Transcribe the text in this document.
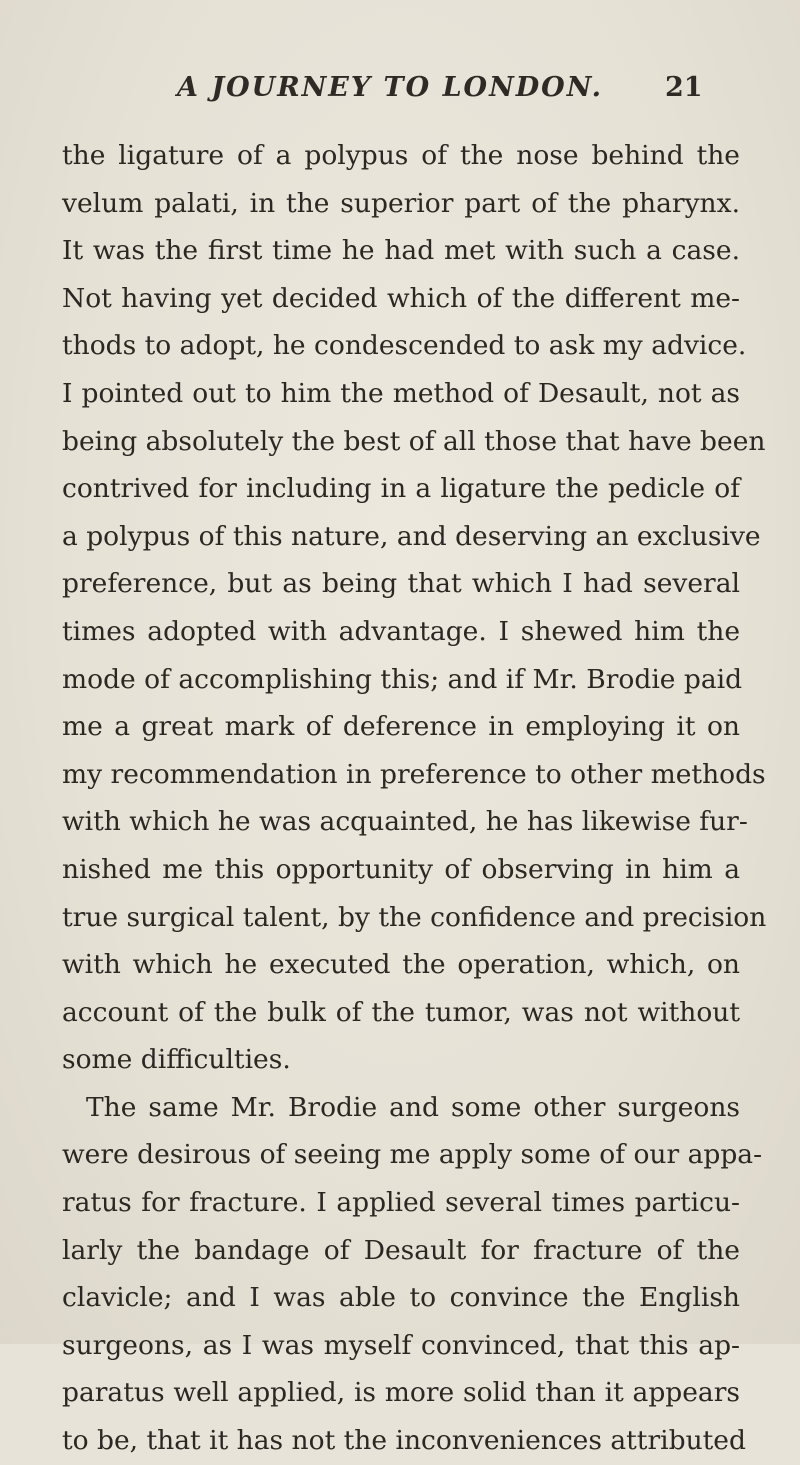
A JOURNEY TO LONDON. 21
the ligature of a polypus of the nose behind the
velum palati, in the superior part of the pharynx.
It was the first time he had met with such a case.
Not having yet decided which of the different me-
thods to adopt, he condescended to ask my advice.
I pointed out to him the method of Desault, not as
being absolutely the best of all those that have been
contrived for including in a ligature the pedicle of
a polypus of this nature, and deserving an exclusive
preference, but as being that which I had several
times adopted with advantage. I shewed him the
mode of accomplishing this; and if Mr. Brodie paid
me a great mark of deference in employing it on
my recommendation in preference to other methods
with which he was acquainted, he has likewise fur-
nished me this opportunity of observing in him a
true surgical talent, by the confidence and precision
with which he executed the operation, which, on
account of the bulk of the tumor, was not without
some difficulties.
The same Mr. Brodie and some other surgeons
were desirous of seeing me apply some of our appa-
ratus for fracture. I applied several times particu-
larly the bandage of Desault for fracture of the
clavicle; and I was able to convince the English
surgeons, as I was myself convinced, that this ap-
paratus well applied, is more solid than it appears
to be, that it has not the inconveniences attributed
